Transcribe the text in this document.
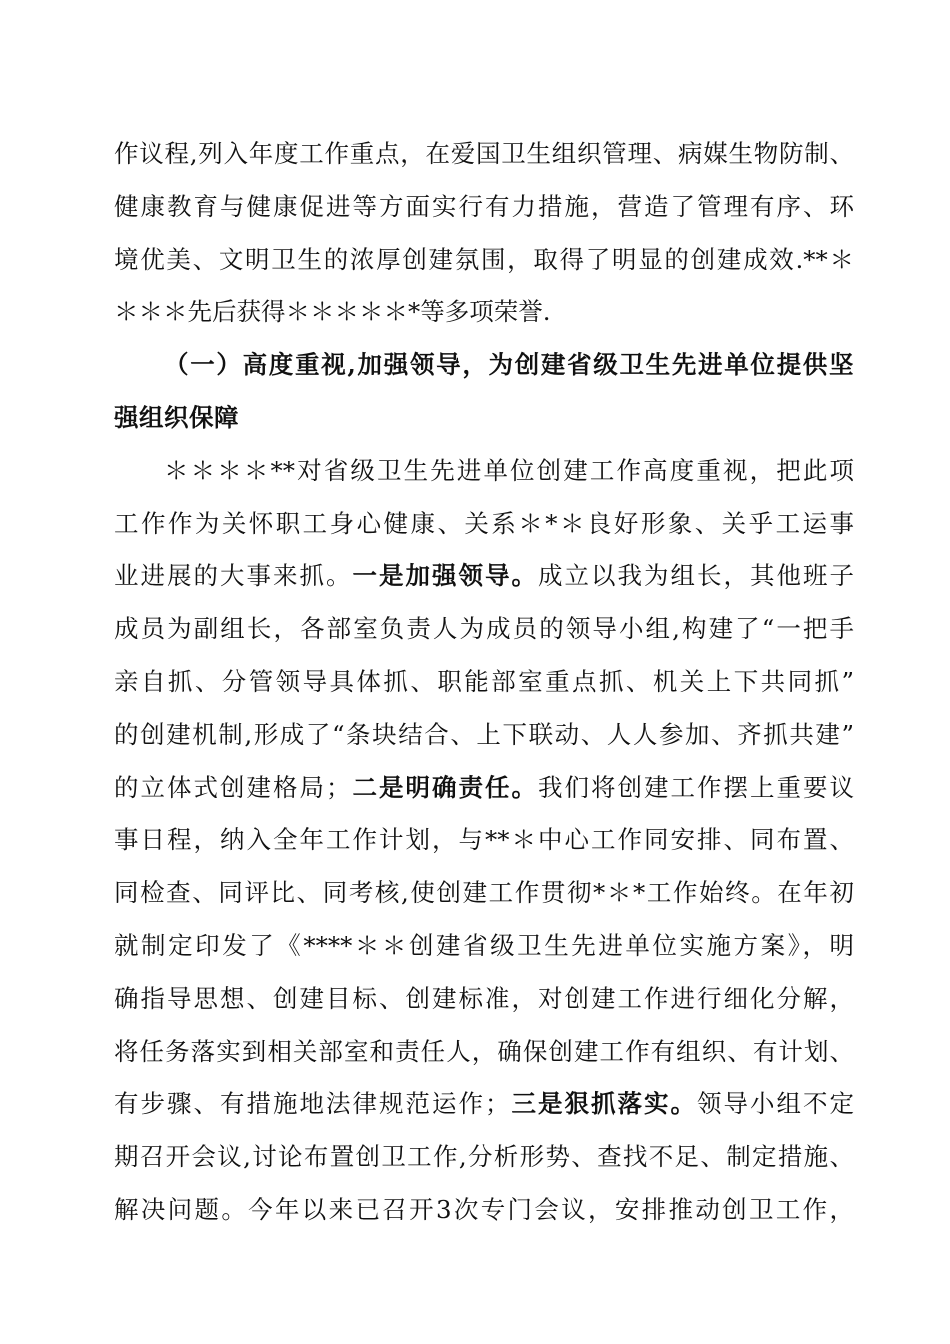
作议程,列入年度工作重点，在爱国卫生组织管理、病媒生物防制、
健康教育与健康促进等方面实行有力措施，营造了管理有序、环
境优美、文明卫生的浓厚创建氛围，取得了明显的创建成效.**＊
＊＊＊先后获得＊＊＊＊＊*等多项荣誉.
（一）高度重视,加强领导，为创建省级卫生先进单位提供坚
强组织保障
＊＊＊＊**对省级卫生先进单位创建工作高度重视，把此项
工作作为关怀职工身心健康、关系＊*＊良好形象、关乎工运事
业进展的大事来抓。一是加强领导。成立以我为组长，其他班子
成员为副组长，各部室负责人为成员的领导小组,构建了“一把手
亲自抓、分管领导具体抓、职能部室重点抓、机关上下共同抓”
的创建机制,形成了“条块结合、上下联动、人人参加、齐抓共建”
的立体式创建格局；二是明确责任。我们将创建工作摆上重要议
事日程，纳入全年工作计划，与**＊中心工作同安排、同布置、
同检查、同评比、同考核,使创建工作贯彻*＊*工作始终。在年初
就制定印发了《****＊＊创建省级卫生先进单位实施方案》，明
确指导思想、创建目标、创建标准，对创建工作进行细化分解，
将任务落实到相关部室和责任人，确保创建工作有组织、有计划、
有步骤、有措施地法律规范运作；三是狠抓落实。领导小组不定
期召开会议,讨论布置创卫工作,分析形势、查找不足、制定措施、
解决问题。今年以来已召开3次专门会议，安排推动创卫工作，
